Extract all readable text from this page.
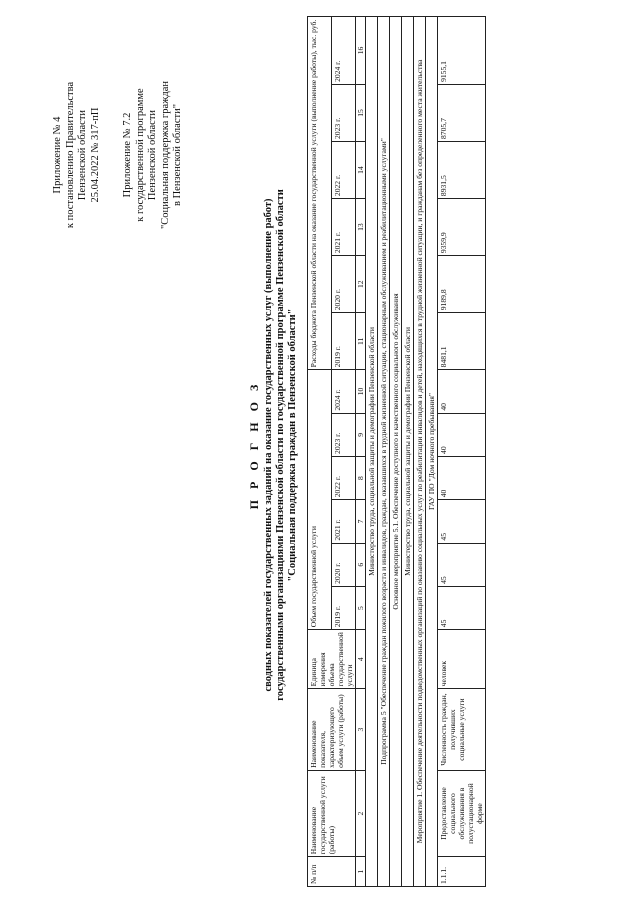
Приложение № 4 к постановлению Правительства Пензенской области 25.04.2022 № 317-пП Приложение № 7.2 к государственной программе Пензенской области "Социальная поддержка граждан в Пензенской области"
П Р О Г Н О З сводных показателей государственных заданий на оказание государственных услуг (выполнение работ) государственными организациями Пензенской области по государственной программе Пензенской области "Социальная поддержка граждан в Пензенской области"
№ п/п	Наименование государственной услуги (работы)	Наименование показателя, характеризующего объем услуги (работы)	Единица измерения объема государственной услуги	Объем государственной услуги						Расходы бюджета Пензенской области на оказание государственной услуги (выполнение работы), тыс. руб.					
				2019 г.	2020 г.	2021 г.	2022 г.	2023 г.	2024 г.	2019 г.	2020 г.	2021 г.	2022 г.	2023 г.	2024 г.
1	2	3	4	5	6	7	8	9	10	11	12	13	14	15	16
Министерство труда, социальной защиты и демографии Пензенской области															
Подпрограмма 5 "Обеспечение граждан пожилого возраста и инвалидов, граждан, оказавшихся в трудной жизненной ситуации, стационарным обслуживанием и реабилитационными услугами"															
Основное мероприятие 5.1. Обеспечение доступного и качественного социального обслуживания															
Министерство труда, социальной защиты и демографии Пензенской области															
Мероприятие 1. Обеспечение деятельности подведомственных организаций по оказанию социальных услуг по реабилитации инвалидов и детей, находящихся в трудной жизненной ситуации, и гражданам без определенного места жительства															
ГАУ ПО "Дом ночного пребывания"															
1.1.1.	Предоставление социального обслуживания в полустационарной форме	Численность граждан, получивших социальные услуги	человек	45	45	45	40	40	40	8481,1	9189,8	9359,9	8931,5	8705,7	9155,1
